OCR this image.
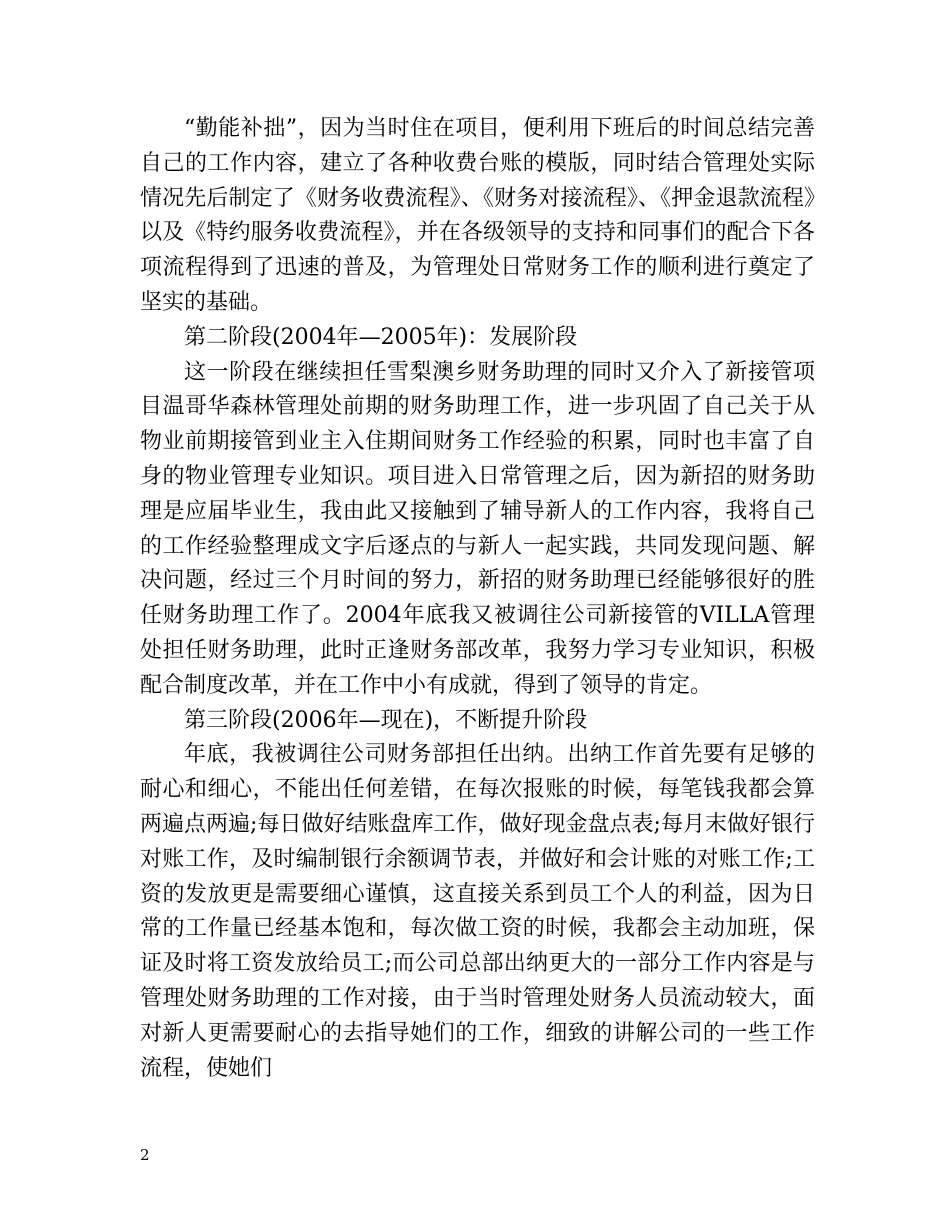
“勤能补拙”，因为当时住在项目，便利用下班后的时间总结完善自己的工作内容，建立了各种收费台账的模版，同时结合管理处实际情况先后制定了《财务收费流程》、《财务对接流程》、《押金退款流程》以及《特约服务收费流程》，并在各级领导的支持和同事们的配合下各项流程得到了迅速的普及，为管理处日常财务工作的顺利进行奠定了坚实的基础。

第二阶段(2004年—2005年)：发展阶段

这一阶段在继续担任雪梨澳乡财务助理的同时又介入了新接管项目温哥华森林管理处前期的财务助理工作，进一步巩固了自己关于从物业前期接管到业主入住期间财务工作经验的积累，同时也丰富了自身的物业管理专业知识。项目进入日常管理之后，因为新招的财务助理是应届毕业生，我由此又接触到了辅导新人的工作内容，我将自己的工作经验整理成文字后逐点的与新人一起实践，共同发现问题、解决问题，经过三个月时间的努力，新招的财务助理已经能够很好的胜任财务助理工作了。2004年底我又被调往公司新接管的VILLA管理处担任财务助理，此时正逢财务部改革，我努力学习专业知识，积极配合制度改革，并在工作中小有成就，得到了领导的肯定。

第三阶段(2006年—现在)，不断提升阶段

年底，我被调往公司财务部担任出纳。出纳工作首先要有足够的耐心和细心，不能出任何差错，在每次报账的时候，每笔钱我都会算两遍点两遍;每日做好结账盘库工作，做好现金盘点表;每月末做好银行对账工作，及时编制银行余额调节表，并做好和会计账的对账工作;工资的发放更是需要细心谨慎，这直接关系到员工个人的利益，因为日常的工作量已经基本饱和，每次做工资的时候，我都会主动加班，保证及时将工资发放给员工;而公司总部出纳更大的一部分工作内容是与管理处财务助理的工作对接，由于当时管理处财务人员流动较大，面对新人更需要耐心的去指导她们的工作，细致的讲解公司的一些工作流程，使她们

2
